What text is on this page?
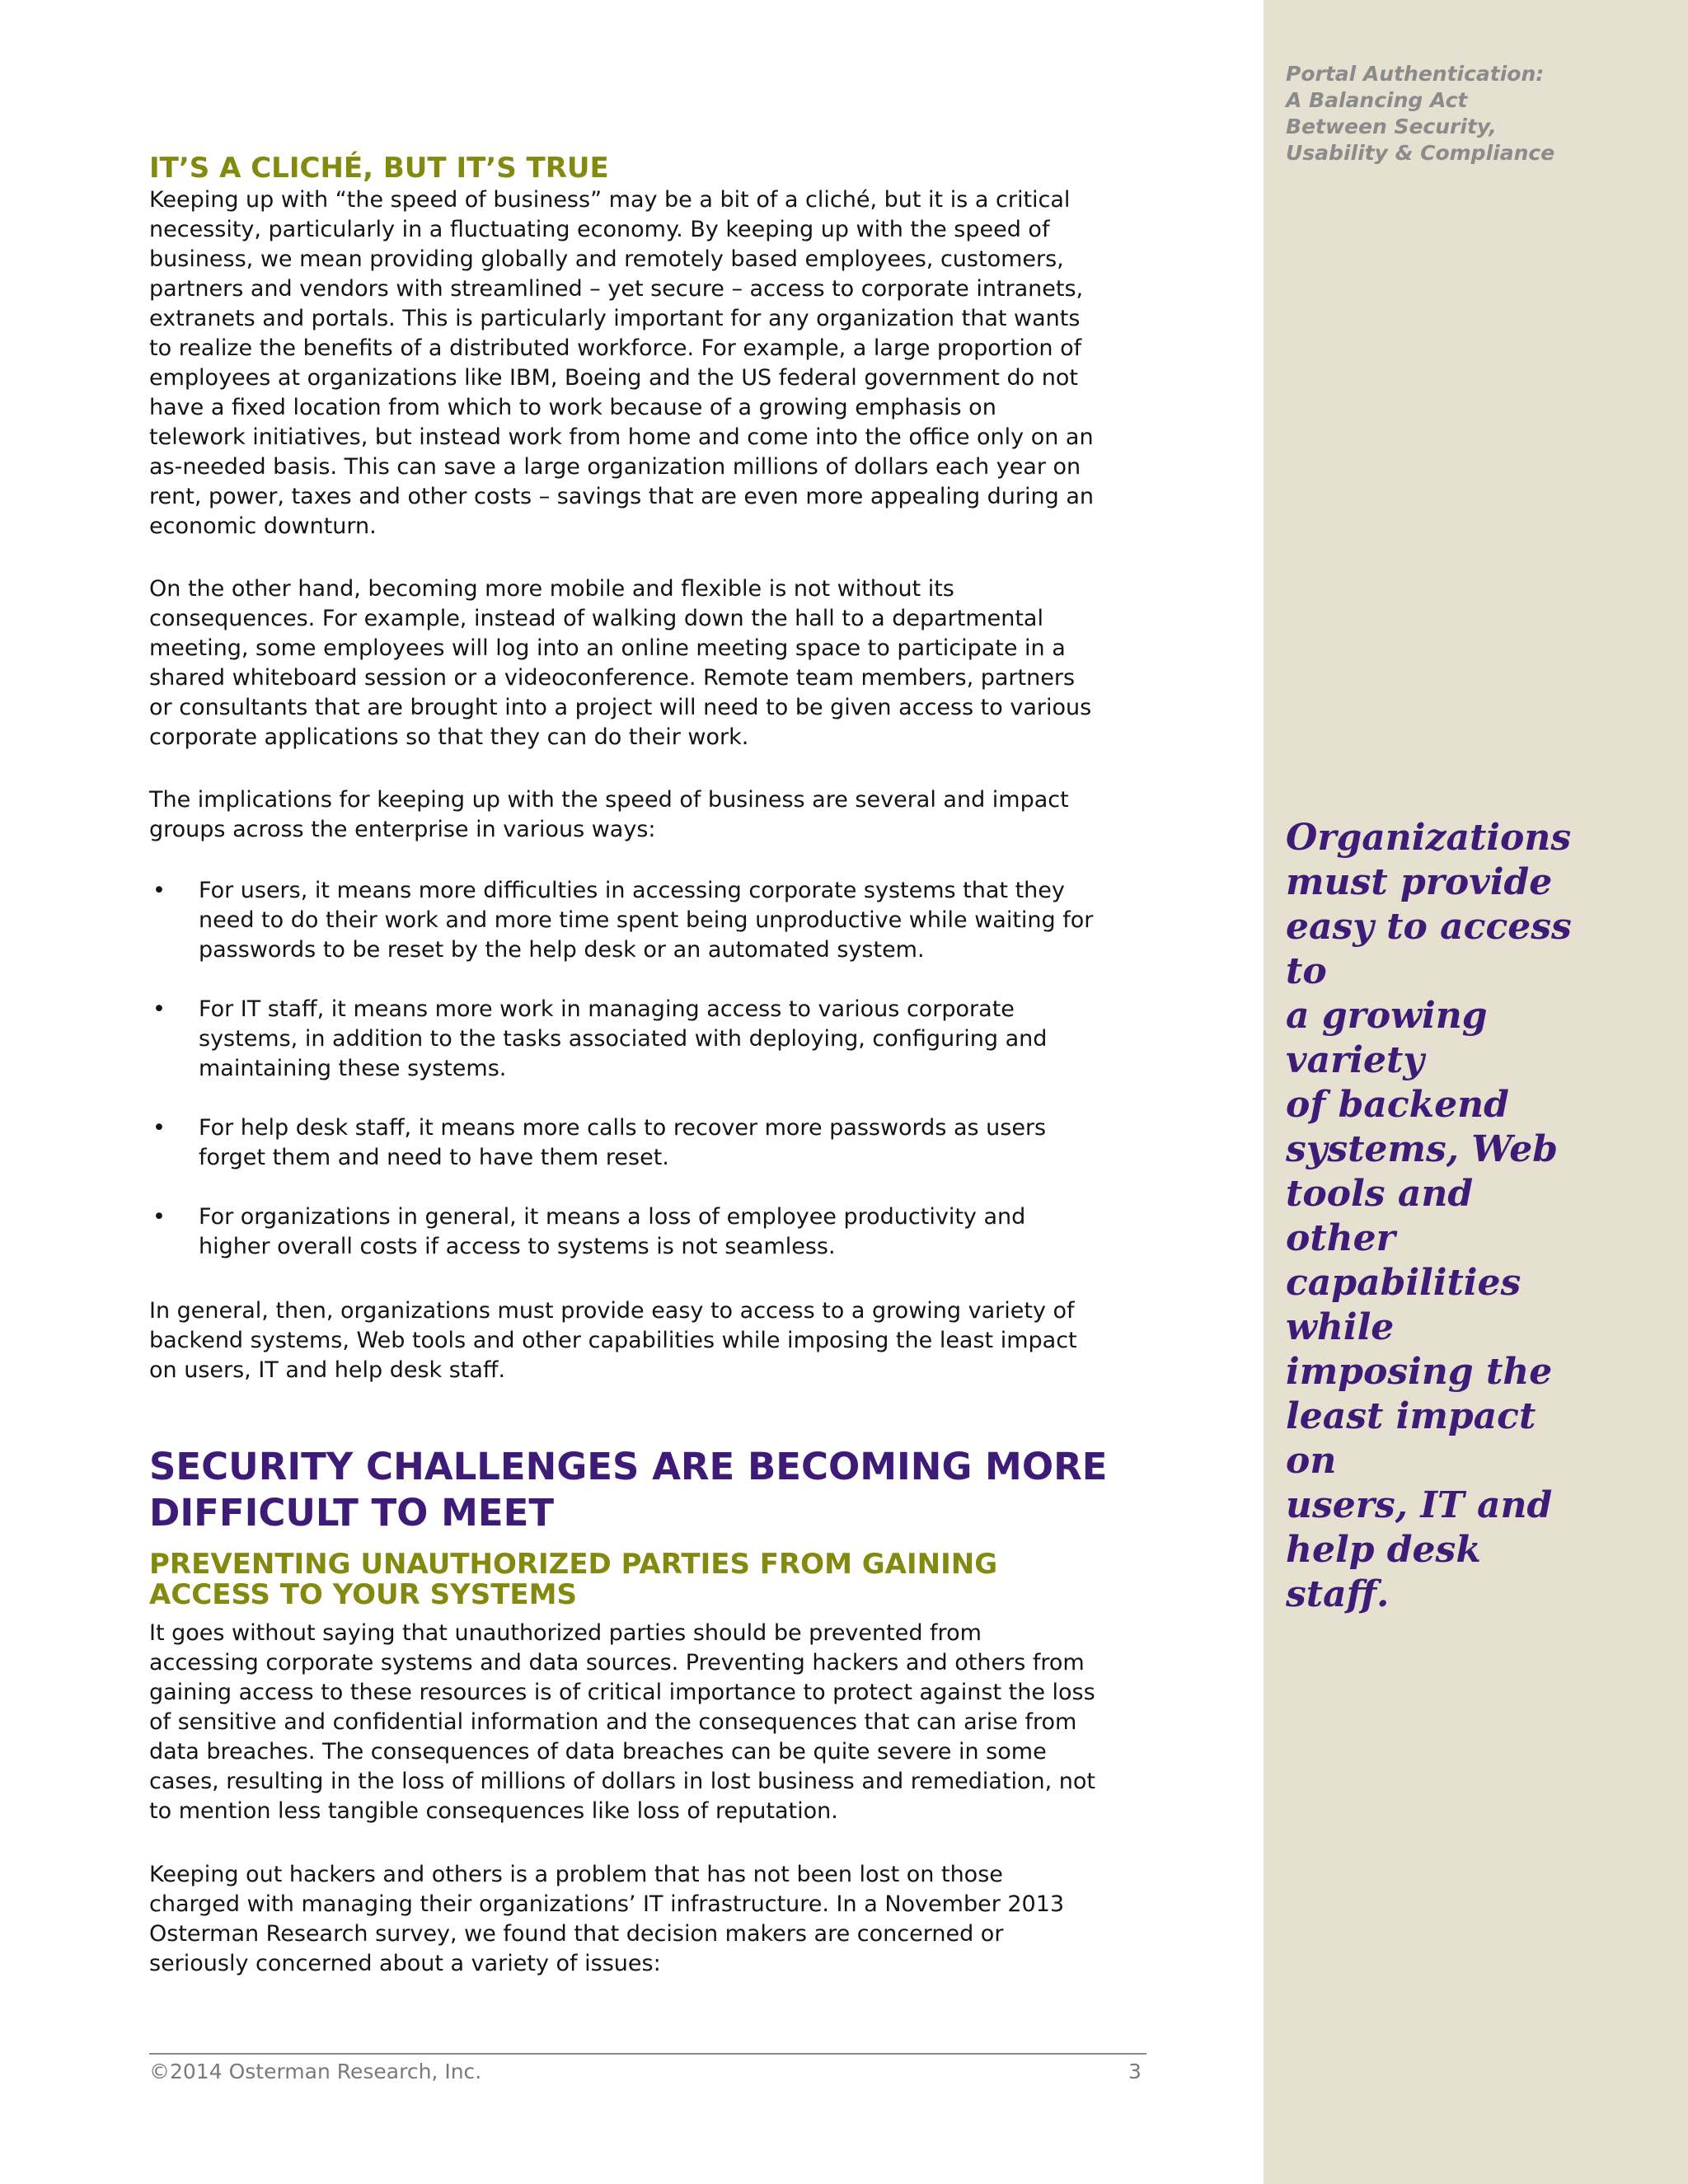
Portal Authentication: A Balancing Act Between Security, Usability & Compliance
Organizations
must provide
easy to access to
a growing variety
of backend
systems, Web
tools and other
capabilities while
imposing the
least impact on
users, IT and
help desk staff.
IT’S A CLICHÉ, BUT IT’S TRUE

Keeping up with “the speed of business” may be a bit of a cliché, but it is a critical necessity, particularly in a fluctuating economy. By keeping up with the speed of business, we mean providing globally and remotely based employees, customers, partners and vendors with streamlined – yet secure – access to corporate intranets, extranets and portals. This is particularly important for any organization that wants to realize the benefits of a distributed workforce. For example, a large proportion of employees at organizations like IBM, Boeing and the US federal government do not have a fixed location from which to work because of a growing emphasis on telework initiatives, but instead work from home and come into the office only on an as-needed basis. This can save a large organization millions of dollars each year on rent, power, taxes and other costs – savings that are even more appealing during an economic downturn.

On the other hand, becoming more mobile and flexible is not without its consequences. For example, instead of walking down the hall to a departmental meeting, some employees will log into an online meeting space to participate in a shared whiteboard session or a videoconference. Remote team members, partners or consultants that are brought into a project will need to be given access to various corporate applications so that they can do their work.

The implications for keeping up with the speed of business are several and impact groups across the enterprise in various ways:

• For users, it means more difficulties in accessing corporate systems that they need to do their work and more time spent being unproductive while waiting for passwords to be reset by the help desk or an automated system.
• For IT staff, it means more work in managing access to various corporate systems, in addition to the tasks associated with deploying, configuring and maintaining these systems.
• For help desk staff, it means more calls to recover more passwords as users forget them and need to have them reset.
• For organizations in general, it means a loss of employee productivity and higher overall costs if access to systems is not seamless.

In general, then, organizations must provide easy to access to a growing variety of backend systems, Web tools and other capabilities while imposing the least impact on users, IT and help desk staff.

SECURITY CHALLENGES ARE BECOMING MORE DIFFICULT TO MEET
PREVENTING UNAUTHORIZED PARTIES FROM GAINING ACCESS TO YOUR SYSTEMS

It goes without saying that unauthorized parties should be prevented from accessing corporate systems and data sources. Preventing hackers and others from gaining access to these resources is of critical importance to protect against the loss of sensitive and confidential information and the consequences that can arise from data breaches. The consequences of data breaches can be quite severe in some cases, resulting in the loss of millions of dollars in lost business and remediation, not to mention less tangible consequences like loss of reputation.

Keeping out hackers and others is a problem that has not been lost on those charged with managing their organizations’ IT infrastructure. In a November 2013 Osterman Research survey, we found that decision makers are concerned or seriously concerned about a variety of issues:

©2014 Osterman Research, Inc.	3
